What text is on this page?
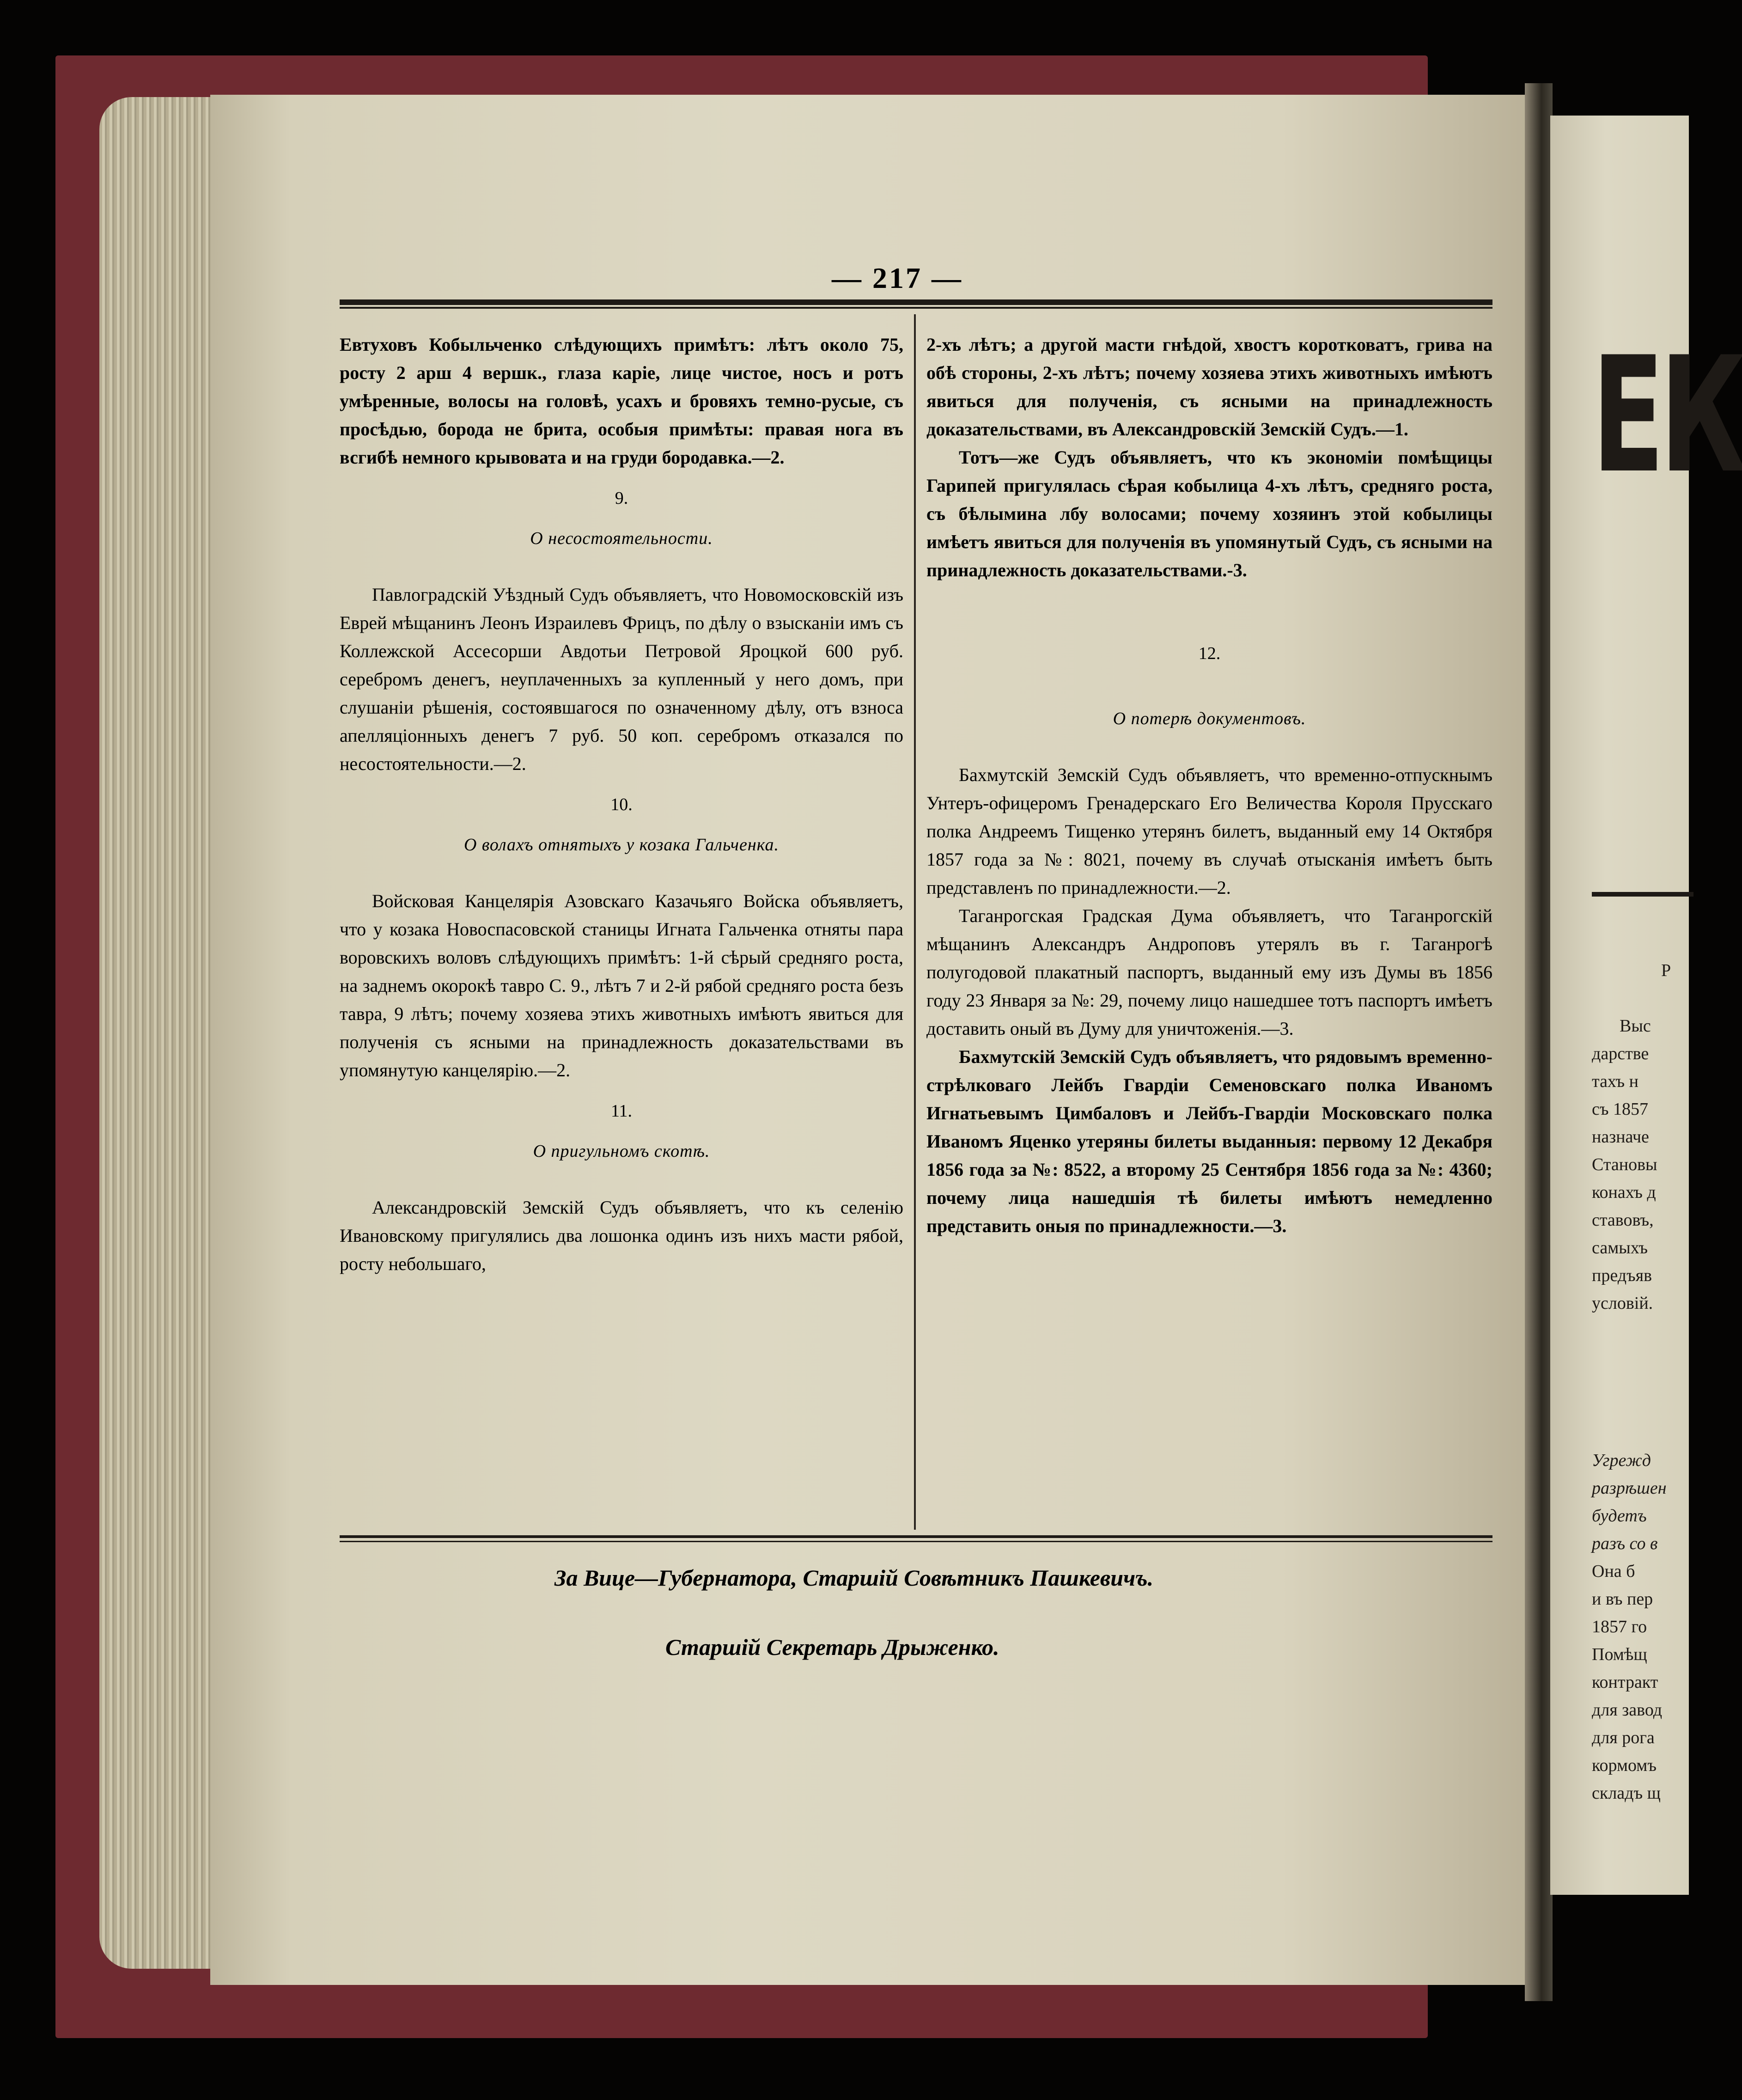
— 217 —

Евтуховъ Кобыльченко слѣдующихъ примѣтъ: лѣтъ около 75, росту 2 арш 4 вершк., глаза каріе, лице чистое, носъ и ротъ умѣренные, волосы на головѣ, усахъ и бровяхъ темно-русые, съ просѣдью, борода не брита, особыя примѣты: правая нога въ всгибѣ немного крывовата и на груди бородавка.—2.

9.
О несостоятельности.

Павлоградскій Уѣздный Судъ объявляетъ, что Новомосковскій изъ Еврей мѣщанинъ Леонъ Израилевъ Фрицъ, по дѣлу о взысканіи имъ съ Коллежской Ассесорши Авдотьи Петровой Яроцкой 600 руб. серебромъ денегъ, неуплаченныхъ за купленный у него домъ, при слушаніи рѣшенія, состоявшагося по означенному дѣлу, отъ взноса апелляціонныхъ денегъ 7 руб. 50 коп. серебромъ отказался по несостоятельности.—2.

10.
О волахъ отнятыхъ у козака Гальченка.

Войсковая Канцелярія Азовскаго Казачьяго Войска объявляетъ, что у козака Новоспасовской станицы Игната Гальченка отняты пара воровскихъ воловъ слѣдующихъ примѣтъ: 1-й сѣрый средняго роста, на заднемъ окорокѣ тавро С. 9., лѣтъ 7 и 2-й рябой средняго роста безъ тавра, 9 лѣтъ; почему хозяева этихъ животныхъ имѣютъ явиться для полученія съ ясными на принадлежность доказательствами въ упомянутую канцелярію.—2.

11.
О пригульномъ скотѣ.

Александровскій Земскій Судъ объявляетъ, что къ селенію Ивановскому пригулялись два лошонка одинъ изъ нихъ масти рябой, росту небольшаго,

2-хъ лѣтъ; а другой масти гнѣдой, хвостъ коротковатъ, грива на обѣ стороны, 2-хъ лѣтъ; почему хозяева этихъ животныхъ имѣютъ явиться для полученія, съ ясными на принадлежность доказательствами, въ Александровскій Земскій Судъ.—1.

Тотъ—же Судъ объявляетъ, что къ экономіи помѣщицы Гарипей пригулялась сѣрая кобылица 4-хъ лѣтъ, средняго роста, съ бѣлымина лбу волосами; почему хозяинъ этой кобылицы имѣетъ явиться для полученія въ упомянутый Судъ, съ ясными на принадлежность доказательствами.-3.

12.
О потерѣ документовъ.

Бахмутскій Земскій Судъ объявляетъ, что временно-отпускнымъ Унтеръ-офицеромъ Гренадерскаго Его Величества Короля Прусскаго полка Андреемъ Тищенко утерянъ билетъ, выданный ему 14 Октября 1857 года за №: 8021, почему въ случаѣ отысканія имѣетъ быть представленъ по принадлежности.—2.

Таганрогская Градская Дума объявляетъ, что Таганрогскій мѣщанинъ Александръ Андроповъ утерялъ въ г. Таганрогѣ полугодовой плакатный паспортъ, выданный ему изъ Думы въ 1856 году 23 Января за №: 29, почему лицо нашедшее тотъ паспортъ имѣетъ доставить оный въ Думу для уничтоженія.—3.

Бахмутскій Земскій Судъ объявляетъ, что рядовымъ временно-стрѣлковаго Лейбъ Гвардіи Семеновскаго полка Иваномъ Игнатьевымъ Цимбаловъ и Лейбъ-Гвардіи Московскаго полка Иваномъ Яценко утеряны билеты выданныя: первому 12 Декабря 1856 года за №: 8522, а второму 25 Сентября 1856 года за №: 4360; почему лица нашедшія тѣ билеты имѣютъ немедленно представить оныя по принадлежности.—3.

За Вице—Губернатора, Старшій Совѣтникъ Пашкевичъ.
Старшій Секретарь Дрыженко.
ЕК
Р
Выс
дарстве
тахъ н
съ 1857
назначе
Становы
конахъ д
ставовъ,
самыхъ
предъяв
условій.
Угрежд
разрѣшен
будетъ
разъ со в
Она б
и въ пер
1857 го
Помѣщ
контракт
для завод
для рога
кормомъ
складъ щ
